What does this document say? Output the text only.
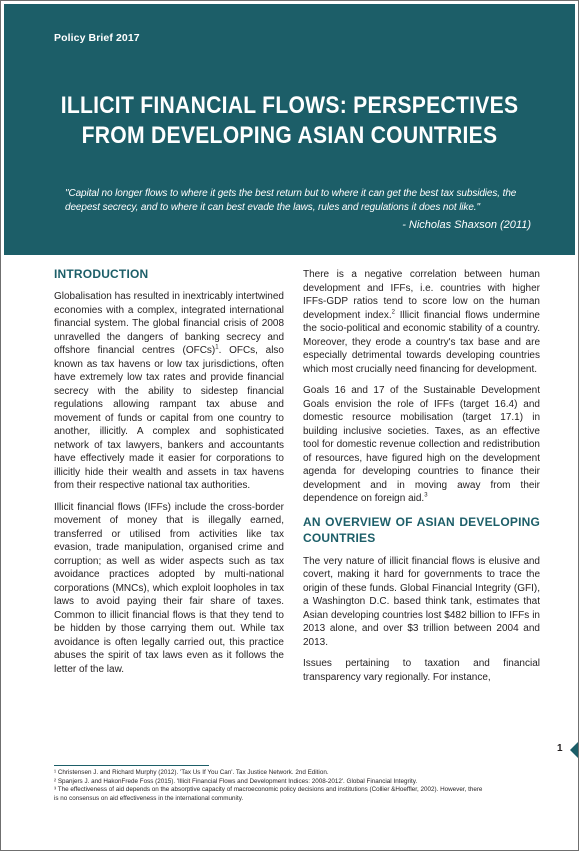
Policy Brief 2017
ILLICIT FINANCIAL FLOWS: PERSPECTIVES
FROM DEVELOPING ASIAN COUNTRIES
"Capital no longer flows to where it gets the best return but to where it can get the best tax subsidies, the deepest secrecy, and to where it can best evade the laws, rules and regulations it does not like."
- Nicholas Shaxson (2011)
INTRODUCTION

Globalisation has resulted in inextricably intertwined economies with a complex, integrated international financial system. The global financial crisis of 2008 unravelled the dangers of banking secrecy and offshore financial centres (OFCs)$^1$. OFCs, also known as tax havens or low tax jurisdictions, often have extremely low tax rates and provide financial secrecy with the ability to sidestep financial regulations allowing rampant tax abuse and movement of funds or capital from one country to another, illicitly. A complex and sophisticated network of tax lawyers, bankers and accountants have effectively made it easier for corporations to illicitly hide their wealth and assets in tax havens from their respective national tax authorities.

Illicit financial flows (IFFs) include the cross-border movement of money that is illegally earned, transferred or utilised from activities like tax evasion, trade manipulation, organised crime and corruption; as well as wider aspects such as tax avoidance practices adopted by multi-national corporations (MNCs), which exploit loopholes in tax laws to avoid paying their fair share of taxes. Common to illicit financial flows is that they tend to be hidden by those carrying them out. While tax avoidance is often legally carried out, this practice abuses the spirit of tax laws even as it follows the letter of the law.

There is a negative correlation between human development and IFFs, i.e. countries with higher IFFs-GDP ratios tend to score low on the human development index.$^2$ Illicit financial flows undermine the socio-political and economic stability of a country. Moreover, they erode a country's tax base and are especially detrimental towards developing countries which most crucially need financing for development.

Goals 16 and 17 of the Sustainable Development Goals envision the role of IFFs (target 16.4) and domestic resource mobilisation (target 17.1) in building inclusive societies. Taxes, as an effective tool for domestic revenue collection and redistribution of resources, have figured high on the development agenda for developing countries to finance their development and in moving away from their dependence on foreign aid.$^3$

AN OVERVIEW OF ASIAN DEVELOPING COUNTRIES

The very nature of illicit financial flows is elusive and covert, making it hard for governments to trace the origin of these funds. Global Financial Integrity (GFI), a Washington D.C. based think tank, estimates that Asian developing countries lost $482 billion to IFFs in 2013 alone, and over $3 trillion between 2004 and 2013.

Issues pertaining to taxation and financial transparency vary regionally. For instance,

¹ Christensen J. and Richard Murphy (2012). 'Tax Us If You Can'. Tax Justice Network. 2nd Edition.
² Spanjers J. and HakonFrede Foss (2015). 'Illicit Financial Flows and Development Indices: 2008-2012'. Global Financial Integrity.
³ The effectiveness of aid depends on the absorptive capacity of macroeconomic policy decisions and institutions (Collier &Hoeffler, 2002). However, there
is no consensus on aid effectiveness in the international community.
1
